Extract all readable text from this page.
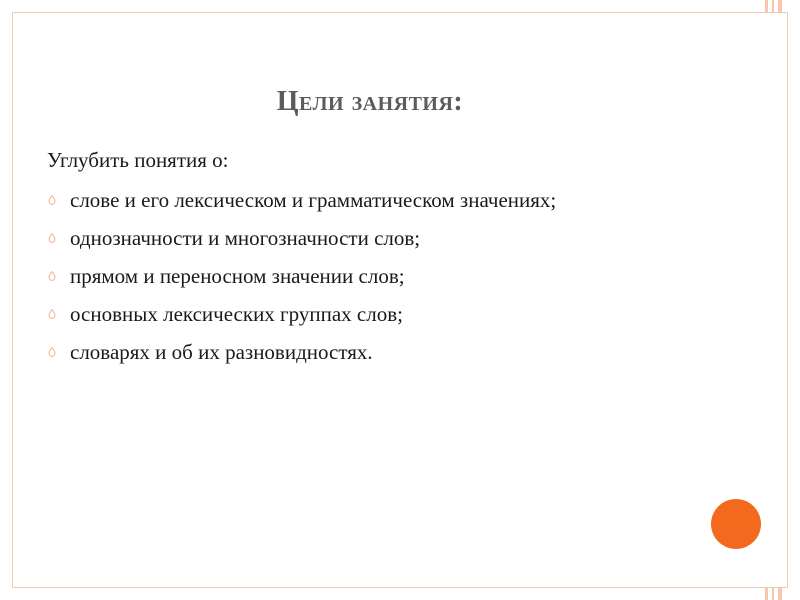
Цели занятия:
Углубить понятия о:
слове и его лексическом и грамматическом значениях;
однозначности и многозначности слов;
прямом и переносном значении слов;
основных лексических группах слов;
словарях и об их разновидностях.
